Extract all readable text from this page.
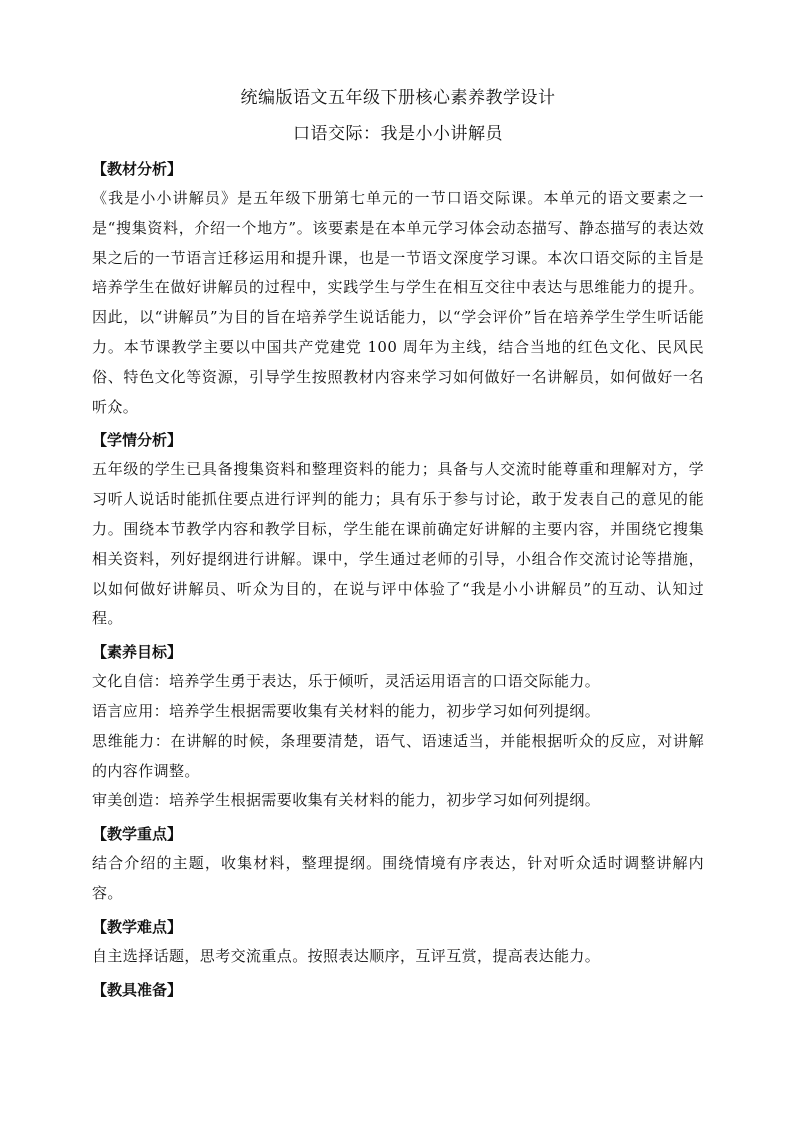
统编版语文五年级下册核心素养教学设计
口语交际：我是小小讲解员
【教材分析】

《我是小小讲解员》是五年级下册第七单元的一节口语交际课。本单元的语文要素之一是“搜集资料，介绍一个地方”。该要素是在本单元学习体会动态描写、静态描写的表达效果之后的一节语言迁移运用和提升课，也是一节语文深度学习课。本次口语交际的主旨是培养学生在做好讲解员的过程中，实践学生与学生在相互交往中表达与思维能力的提升。因此，以“讲解员”为目的旨在培养学生说话能力，以“学会评价”旨在培养学生学生听话能力。本节课教学主要以中国共产党建党 100 周年为主线，结合当地的红色文化、民风民俗、特色文化等资源，引导学生按照教材内容来学习如何做好一名讲解员，如何做好一名听众。

【学情分析】

五年级的学生已具备搜集资料和整理资料的能力；具备与人交流时能尊重和理解对方，学习听人说话时能抓住要点进行评判的能力；具有乐于参与讨论，敢于发表自己的意见的能力。围绕本节教学内容和教学目标，学生能在课前确定好讲解的主要内容，并围绕它搜集相关资料，列好提纲进行讲解。课中，学生通过老师的引导，小组合作交流讨论等措施，以如何做好讲解员、听众为目的，在说与评中体验了“我是小小讲解员”的互动、认知过程。

【素养目标】

文化自信：培养学生勇于表达，乐于倾听，灵活运用语言的口语交际能力。

语言应用：培养学生根据需要收集有关材料的能力，初步学习如何列提纲。

思维能力：在讲解的时候，条理要清楚，语气、语速适当，并能根据听众的反应，对讲解的内容作调整。

审美创造：培养学生根据需要收集有关材料的能力，初步学习如何列提纲。

【教学重点】

结合介绍的主题，收集材料，整理提纲。围绕情境有序表达，针对听众适时调整讲解内容。

【教学难点】

自主选择话题，思考交流重点。按照表达顺序，互评互赏，提高表达能力。

【教具准备】
